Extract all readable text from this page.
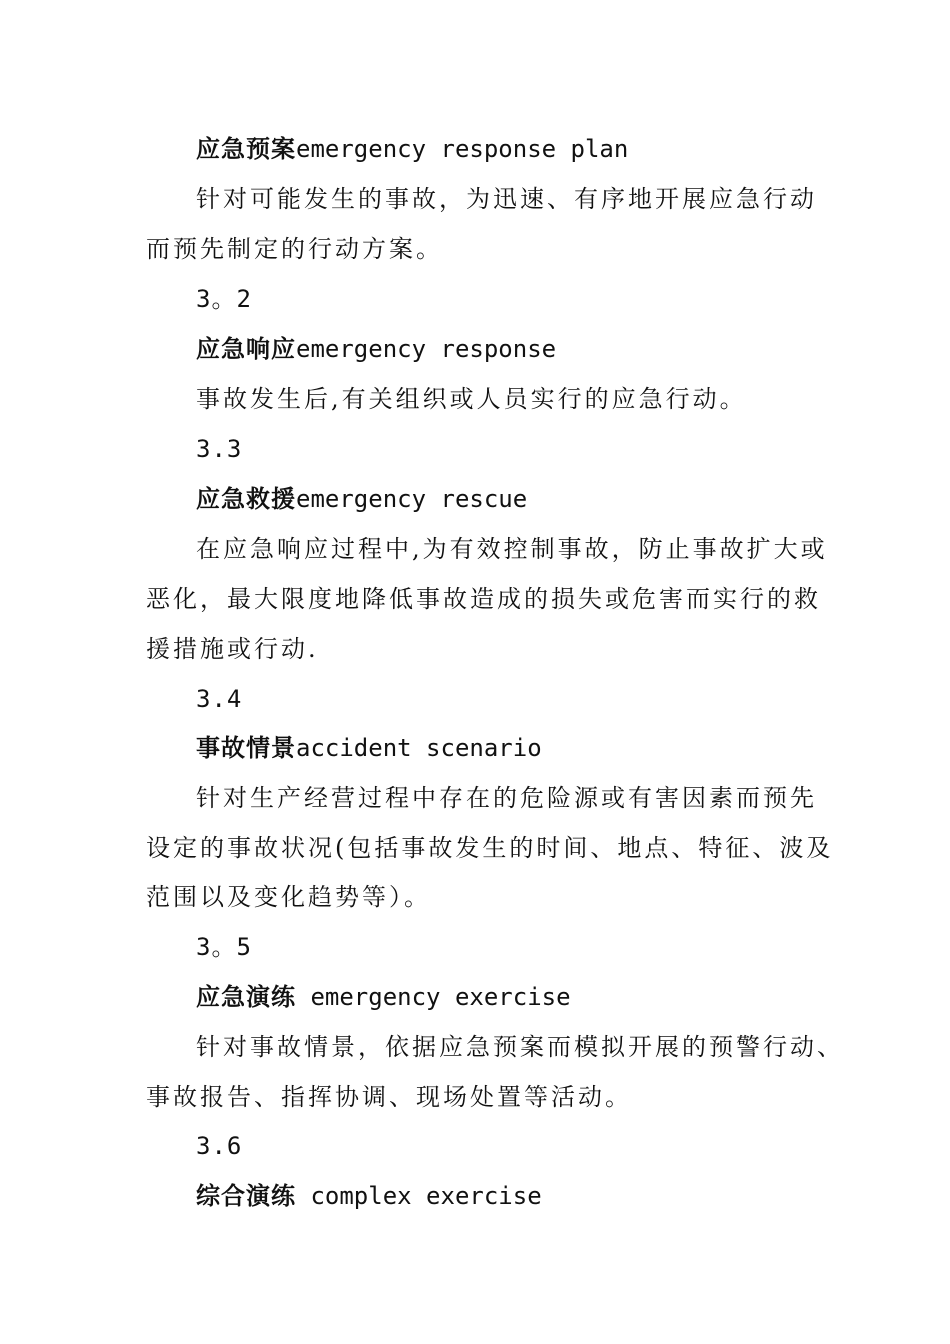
应急预案emergency response plan
针对可能发生的事故，为迅速、有序地开展应急行动
而预先制定的行动方案。
3。2
应急响应emergency response
事故发生后,有关组织或人员实行的应急行动。
3.3
应急救援emergency rescue
在应急响应过程中,为有效控制事故，防止事故扩大或
恶化，最大限度地降低事故造成的损失或危害而实行的救
援措施或行动.
3.4
事故情景accident scenario
针对生产经营过程中存在的危险源或有害因素而预先
设定的事故状况(包括事故发生的时间、地点、特征、波及
范围以及变化趋势等）。
3。5
应急演练 emergency exercise
针对事故情景，依据应急预案而模拟开展的预警行动、
事故报告、指挥协调、现场处置等活动。
3.6
综合演练 complex exercise
